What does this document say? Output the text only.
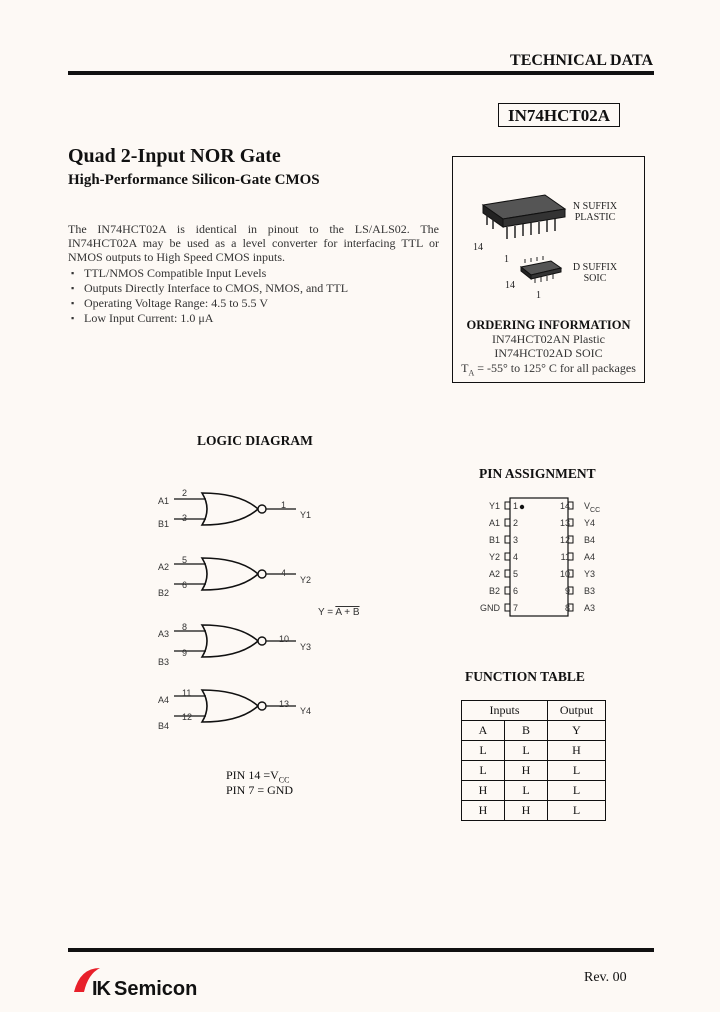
TECHNICAL DATA
IN74HCT02A
Quad 2-Input NOR Gate
High-Performance Silicon-Gate CMOS
The IN74HCT02A is identical in pinout to the LS/ALS02. The IN74HCT02A may be used as a level converter for interfacing TTL or NMOS outputs to High Speed CMOS inputs.
▪ TTL/NMOS Compatible Input Levels
▪ Outputs Directly Interface to CMOS, NMOS, and TTL
▪ Operating Voltage Range: 4.5 to 5.5 V
▪ Low Input Current: 1.0 μA
N SUFFIX
PLASTIC
14
1
D SUFFIX
SOIC
14
1
ORDERING INFORMATION
IN74HCT02AN Plastic
IN74HCT02AD SOIC
$T_A = -55^\circ$ to 125° C for all packages
LOGIC DIAGRAM
A1
B1
2
3
1
Y1
A2
B2
5
6
4
Y2
A3
B3
8
9
10
Y3
A4
B4
11
12
13
Y4
Y = A + B
PIN $14 =V_{CC}$
PIN 7 = GND
PIN ASSIGNMENT
Y1
A1
B1
Y2
A2
B2
GND
1
2
3
4
5
6
7
14
13
12
11
10
9
8
$V_{CC}$
Y4
B4
A4
Y3
B3
A3
FUNCTION TABLE
Inputs		Output
A	B	Y
L	L	H
L	H	L
H	L	L
H	H	L
IK Semicon
Rev. 00
